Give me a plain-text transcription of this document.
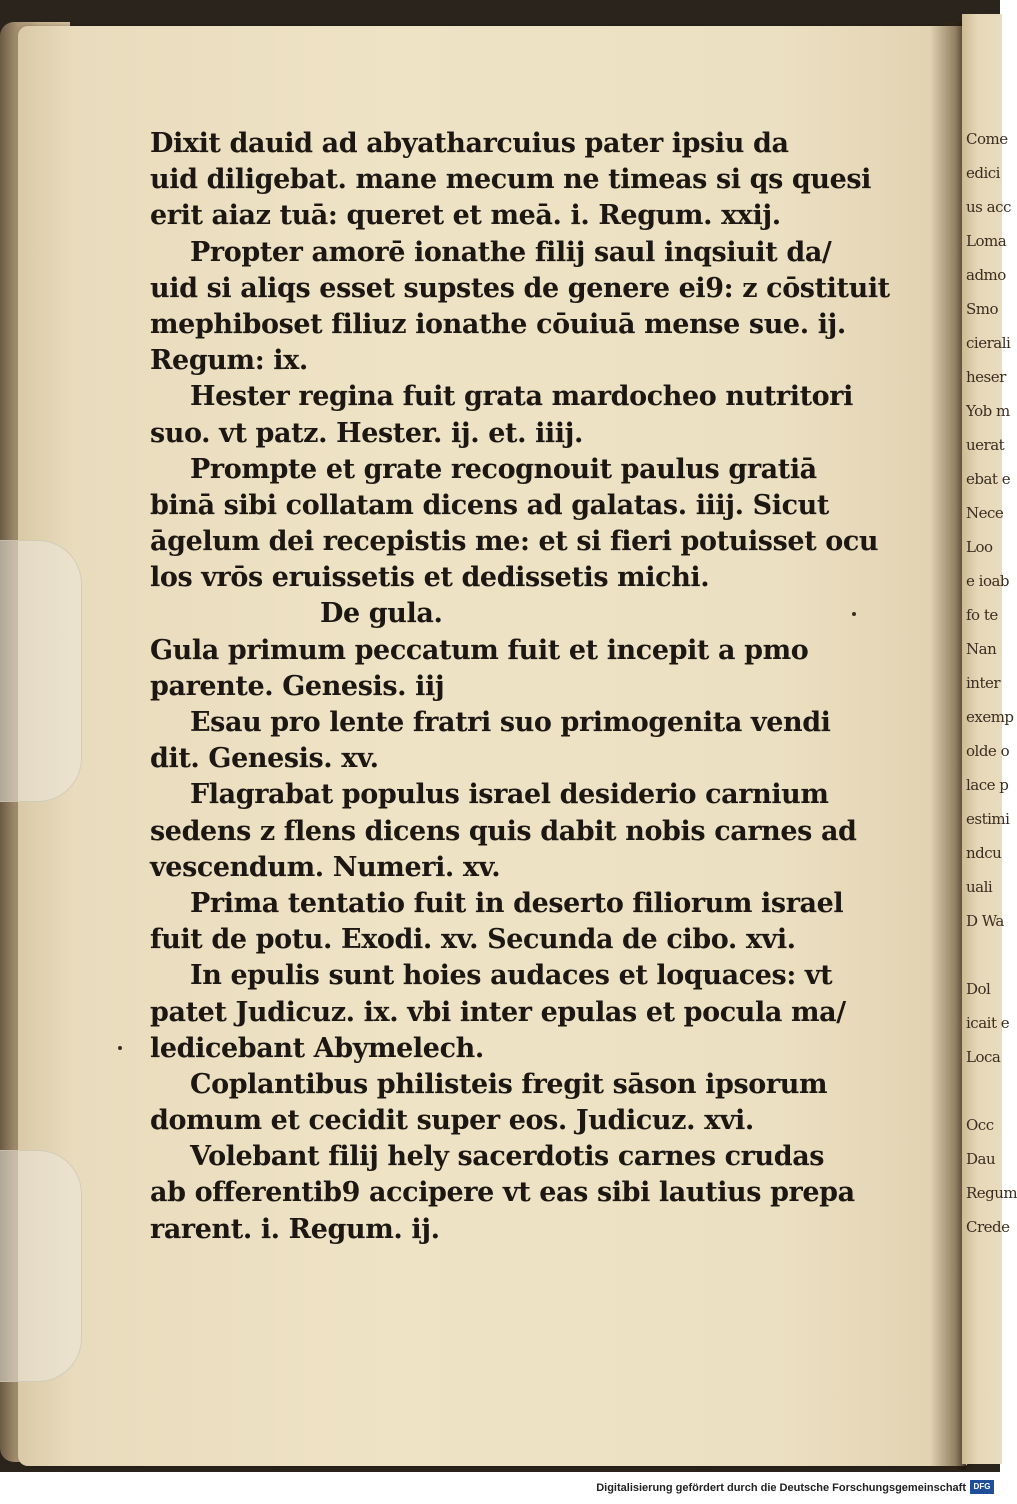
Come
edici
us acc
Loma
admo
Smo
cierali
heser
Yob m
uerat
ebat e
Nece
Loo
e ioab
fo te
Nan
inter
exemp
olde o
lace p
estimi
ndcu
uali
D Wa
Dol
icait e
Loca
Occ
Dau
Regum
Crede
Dixit dauid ad abyatharcuius pater ipsiu da
uid diligebat. mane mecum ne timeas si qs quesi
erit aiaz tuā: queret et meā. i. Regum. xxij.
Propter amorē ionathe filij saul inqsiuit da/
uid si aliqs esset supstes de genere ei9: z cōstituit
mephiboset filiuz ionathe cōuiuā mense sue. ij.
Regum: ix.
Hester regina fuit grata mardocheo nutritori
suo. vt patz. Hester. ij. et. iiij.
Prompte et grate recognouit paulus gratiā
binā sibi collatam dicens ad galatas. iiij. Sicut
āgelum dei recepistis me: et si fieri potuisset ocu
los vrōs eruissetis et dedissetis michi.
De gula.
Gula primum peccatum fuit et incepit a pmo
parente. Genesis. iij
Esau pro lente fratri suo primogenita vendi
dit. Genesis. xv.
Flagrabat populus israel desiderio carnium
sedens z flens dicens quis dabit nobis carnes ad
vescendum. Numeri. xv.
Prima tentatio fuit in deserto filiorum israel
fuit de potu. Exodi. xv. Secunda de cibo. xvi.
In epulis sunt hoies audaces et loquaces: vt
patet Judicuz. ix. vbi inter epulas et pocula ma/
ledicebant Abymelech.
Coplantibus philisteis fregit sāson ipsorum
domum et cecidit super eos. Judicuz. xvi.
Volebant filij hely sacerdotis carnes crudas
ab offerentib9 accipere vt eas sibi lautius prepa
rarent. i. Regum. ij.
Digitalisierung gefördert durch die Deutsche Forschungsgemeinschaft DFG
